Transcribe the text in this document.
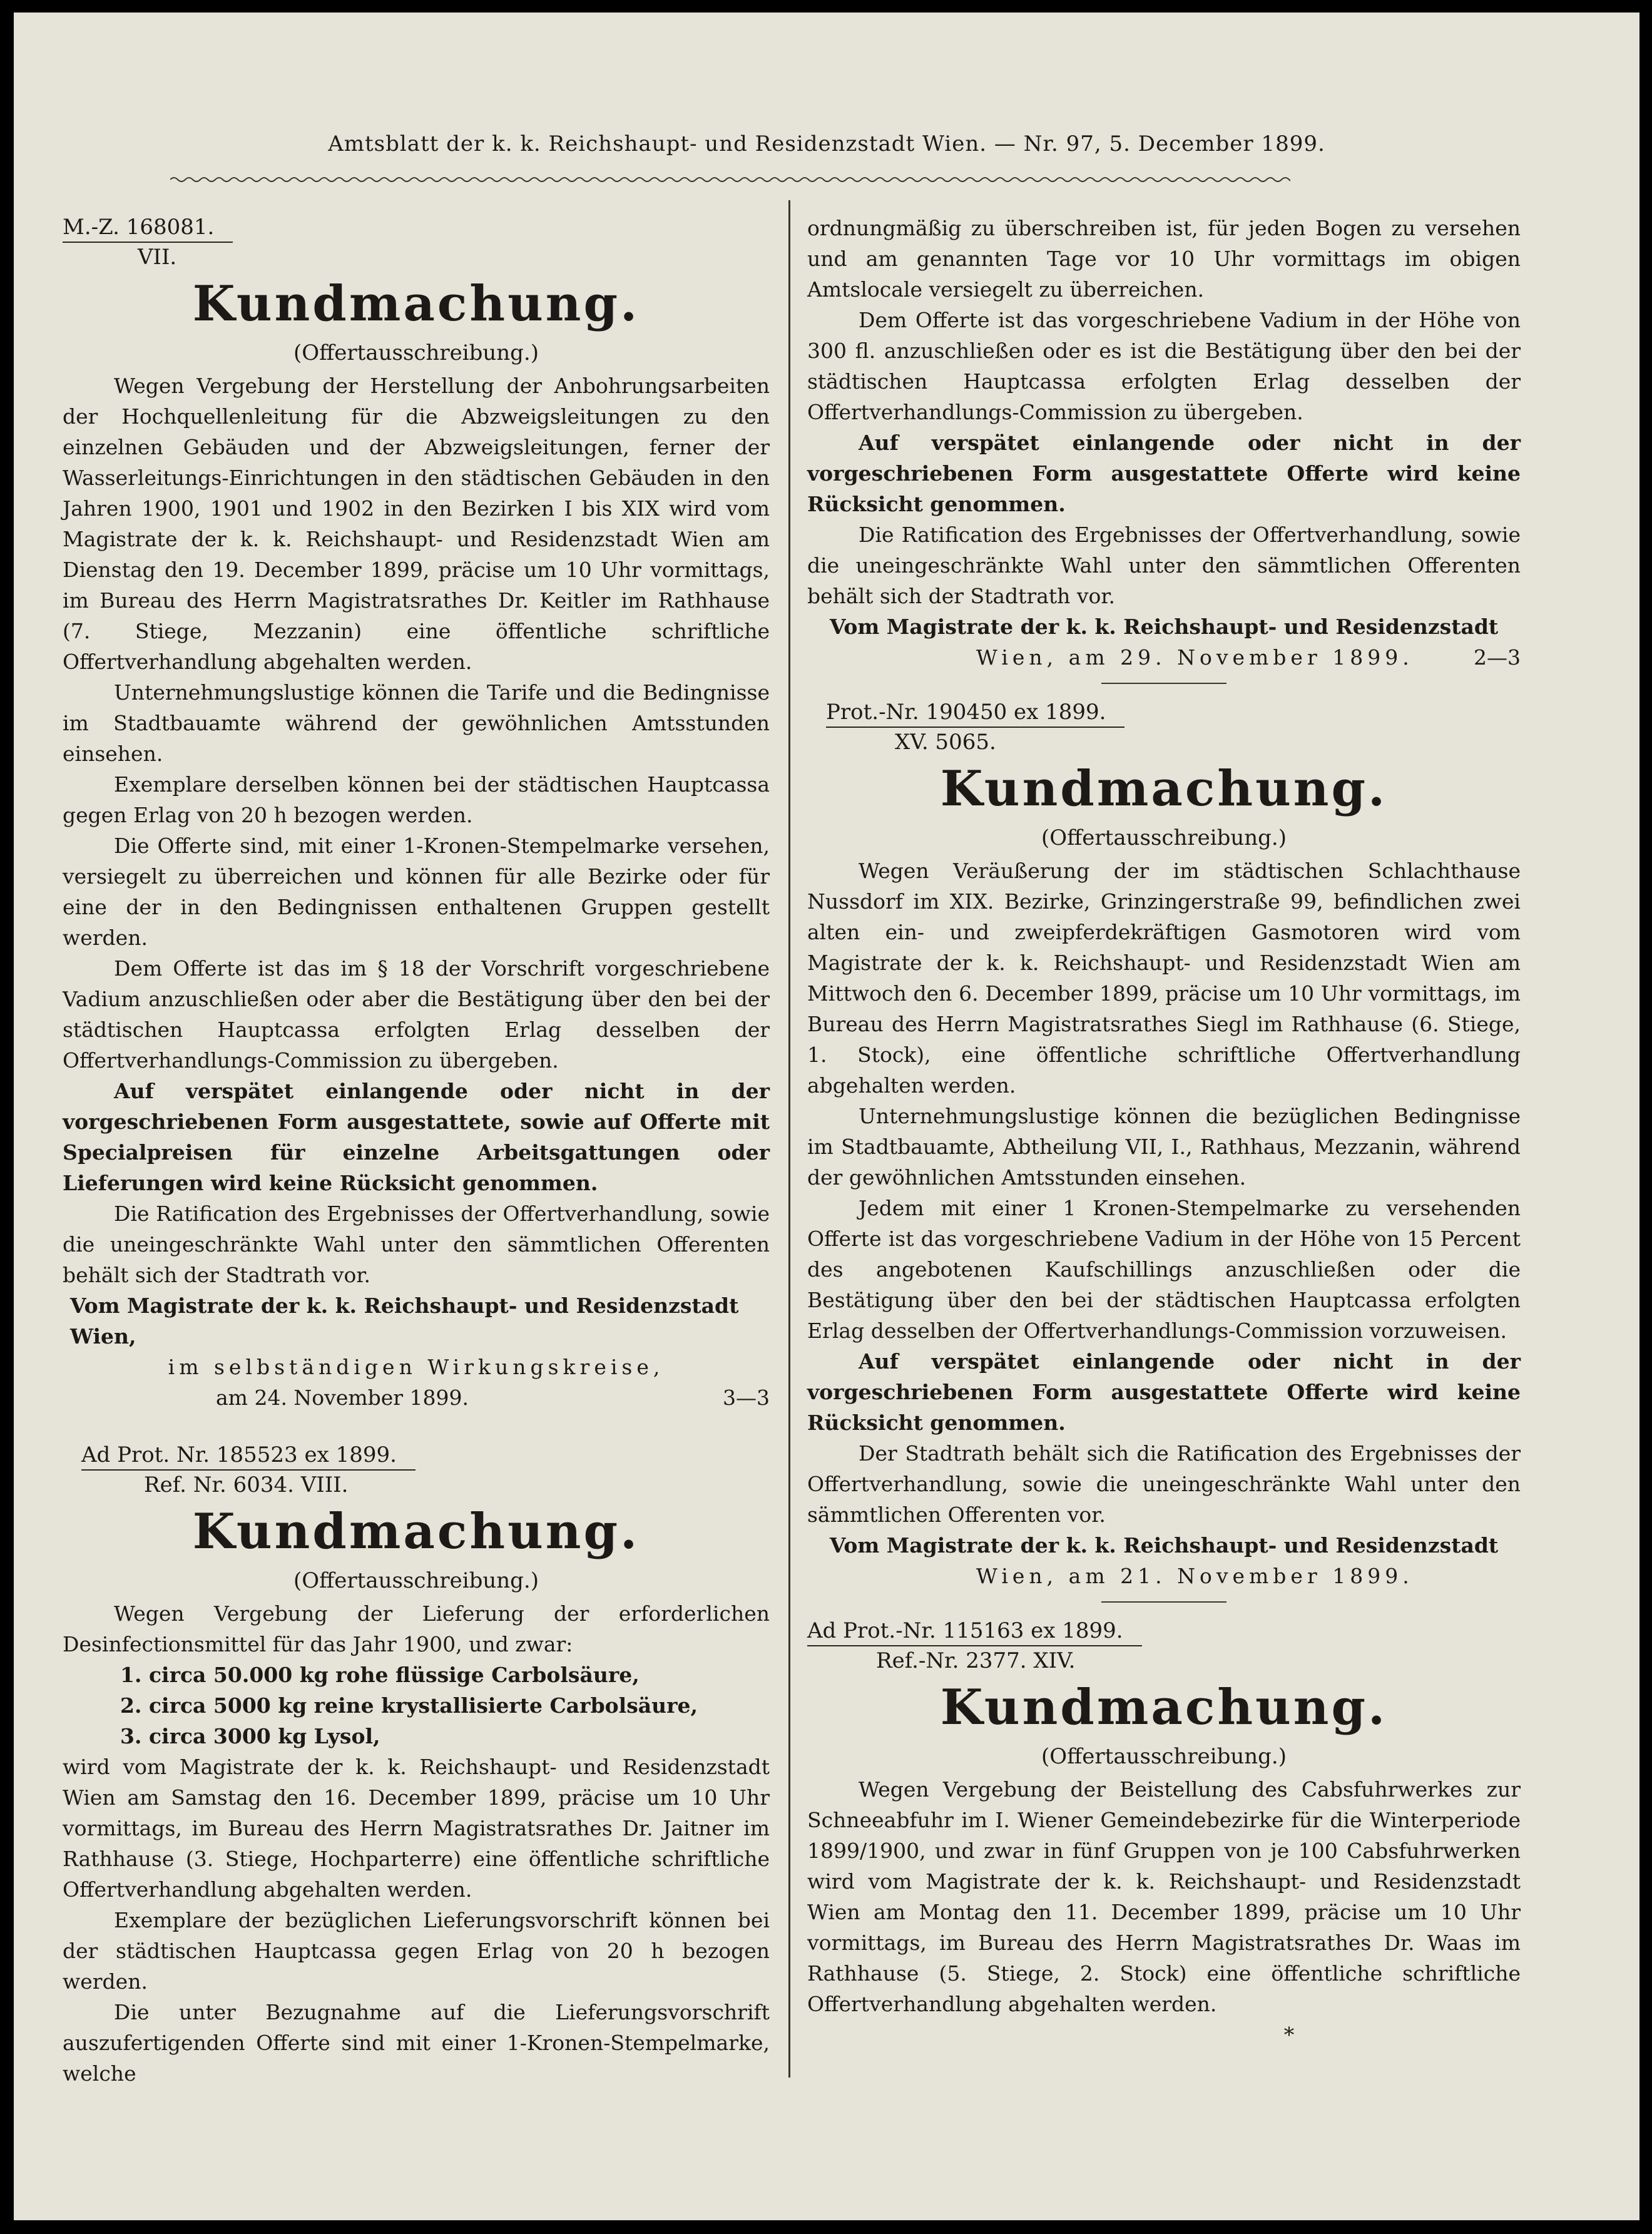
Amtsblatt der k. k. Reichshaupt- und Residenzstadt Wien. — Nr. 97, 5. December 1899.

M.-Z. 168081.

VII.

Kundmachung.

(Offertausschreibung.)

Wegen Vergebung der Herstellung der Anbohrungsarbeiten der Hochquellenleitung für die Abzweigsleitungen zu den einzelnen Gebäuden und der Abzweigsleitungen, ferner der Wasserleitungs-Einrichtungen in den städtischen Gebäuden in den Jahren 1900, 1901 und 1902 in den Bezirken I bis XIX wird vom Magistrate der k. k. Reichshaupt- und Residenzstadt Wien am Dienstag den 19. December 1899, präcise um 10 Uhr vormittags, im Bureau des Herrn Magistratsrathes Dr. Keitler im Rathhause (7. Stiege, Mezzanin) eine öffentliche schriftliche Offertverhandlung abgehalten werden.

Unternehmungslustige können die Tarife und die Bedingnisse im Stadtbauamte während der gewöhnlichen Amtsstunden einsehen.

Exemplare derselben können bei der städtischen Hauptcassa gegen Erlag von 20 h bezogen werden.

Die Offerte sind, mit einer 1-Kronen-Stempelmarke versehen, versiegelt zu überreichen und können für alle Bezirke oder für eine der in den Bedingnissen enthaltenen Gruppen gestellt werden.

Dem Offerte ist das im § 18 der Vorschrift vorgeschriebene Vadium anzuschließen oder aber die Bestätigung über den bei der städtischen Hauptcassa erfolgten Erlag desselben der Offertverhandlungs-Commission zu übergeben.

Auf verspätet einlangende oder nicht in der vorgeschriebenen Form ausgestattete, sowie auf Offerte mit Specialpreisen für einzelne Arbeitsgattungen oder Lieferungen wird keine Rücksicht genommen.

Die Ratification des Ergebnisses der Offertverhandlung, sowie die uneingeschränkte Wahl unter den sämmtlichen Offerenten behält sich der Stadtrath vor.

Vom Magistrate der k. k. Reichshaupt- und Residenzstadt Wien,

im selbständigen Wirkungskreise,

am 24. November 1899.	3—3

Ad Prot. Nr. 185523 ex 1899.

Ref. Nr. 6034. VIII.

Kundmachung.

(Offertausschreibung.)

Wegen Vergebung der Lieferung der erforderlichen Desinfectionsmittel für das Jahr 1900, und zwar:

1. circa 50.000 kg rohe flüssige Carbolsäure,

2. circa 5000 kg reine krystallisierte Carbolsäure,

3. circa 3000 kg Lysol,

wird vom Magistrate der k. k. Reichshaupt- und Residenzstadt Wien am Samstag den 16. December 1899, präcise um 10 Uhr vormittags, im Bureau des Herrn Magistratsrathes Dr. Jaitner im Rathhause (3. Stiege, Hochparterre) eine öffentliche schriftliche Offertverhandlung abgehalten werden.

Exemplare der bezüglichen Lieferungsvorschrift können bei der städtischen Hauptcassa gegen Erlag von 20 h bezogen werden.

Die unter Bezugnahme auf die Lieferungsvorschrift auszufertigenden Offerte sind mit einer 1-Kronen-Stempelmarke, welche

ordnungmäßig zu überschreiben ist, für jeden Bogen zu versehen und am genannten Tage vor 10 Uhr vormittags im obigen Amtslocale versiegelt zu überreichen.

Dem Offerte ist das vorgeschriebene Vadium in der Höhe von 300 fl. anzuschließen oder es ist die Bestätigung über den bei der städtischen Hauptcassa erfolgten Erlag desselben der Offertverhandlungs-Commission zu übergeben.

Auf verspätet einlangende oder nicht in der vorgeschriebenen Form ausgestattete Offerte wird keine Rücksicht genommen.

Die Ratification des Ergebnisses der Offertverhandlung, sowie die uneingeschränkte Wahl unter den sämmtlichen Offerenten behält sich der Stadtrath vor.

Vom Magistrate der k. k. Reichshaupt- und Residenzstadt

Wien, am 29. November 1899.	2—3

Prot.-Nr. 190450 ex 1899.

XV. 5065.

Kundmachung.

(Offertausschreibung.)

Wegen Veräußerung der im städtischen Schlachthause Nussdorf im XIX. Bezirke, Grinzingerstraße 99, befindlichen zwei alten ein- und zweipferdekräftigen Gasmotoren wird vom Magistrate der k. k. Reichshaupt- und Residenzstadt Wien am Mittwoch den 6. December 1899, präcise um 10 Uhr vormittags, im Bureau des Herrn Magistratsrathes Siegl im Rathhause (6. Stiege, 1. Stock), eine öffentliche schriftliche Offertverhandlung abgehalten werden.

Unternehmungslustige können die bezüglichen Bedingnisse im Stadtbauamte, Abtheilung VII, I., Rathhaus, Mezzanin, während der gewöhnlichen Amtsstunden einsehen.

Jedem mit einer 1 Kronen-Stempelmarke zu versehenden Offerte ist das vorgeschriebene Vadium in der Höhe von 15 Percent des angebotenen Kaufschillings anzuschließen oder die Bestätigung über den bei der städtischen Hauptcassa erfolgten Erlag desselben der Offertverhandlungs-Commission vorzuweisen.

Auf verspätet einlangende oder nicht in der vorgeschriebenen Form ausgestattete Offerte wird keine Rücksicht genommen.

Der Stadtrath behält sich die Ratification des Ergebnisses der Offertverhandlung, sowie die uneingeschränkte Wahl unter den sämmtlichen Offerenten vor.

Vom Magistrate der k. k. Reichshaupt- und Residenzstadt

Wien, am 21. November 1899.

Ad Prot.-Nr. 115163 ex 1899.

Ref.-Nr. 2377. XIV.

Kundmachung.

(Offertausschreibung.)

Wegen Vergebung der Beistellung des Cabsfuhrwerkes zur Schneeabfuhr im I. Wiener Gemeindebezirke für die Winterperiode 1899/1900, und zwar in fünf Gruppen von je 100 Cabsfuhrwerken wird vom Magistrate der k. k. Reichshaupt- und Residenzstadt Wien am Montag den 11. December 1899, präcise um 10 Uhr vormittags, im Bureau des Herrn Magistratsrathes Dr. Waas im Rathhause (5. Stiege, 2. Stock) eine öffentliche schriftliche Offertverhandlung abgehalten werden.

*
